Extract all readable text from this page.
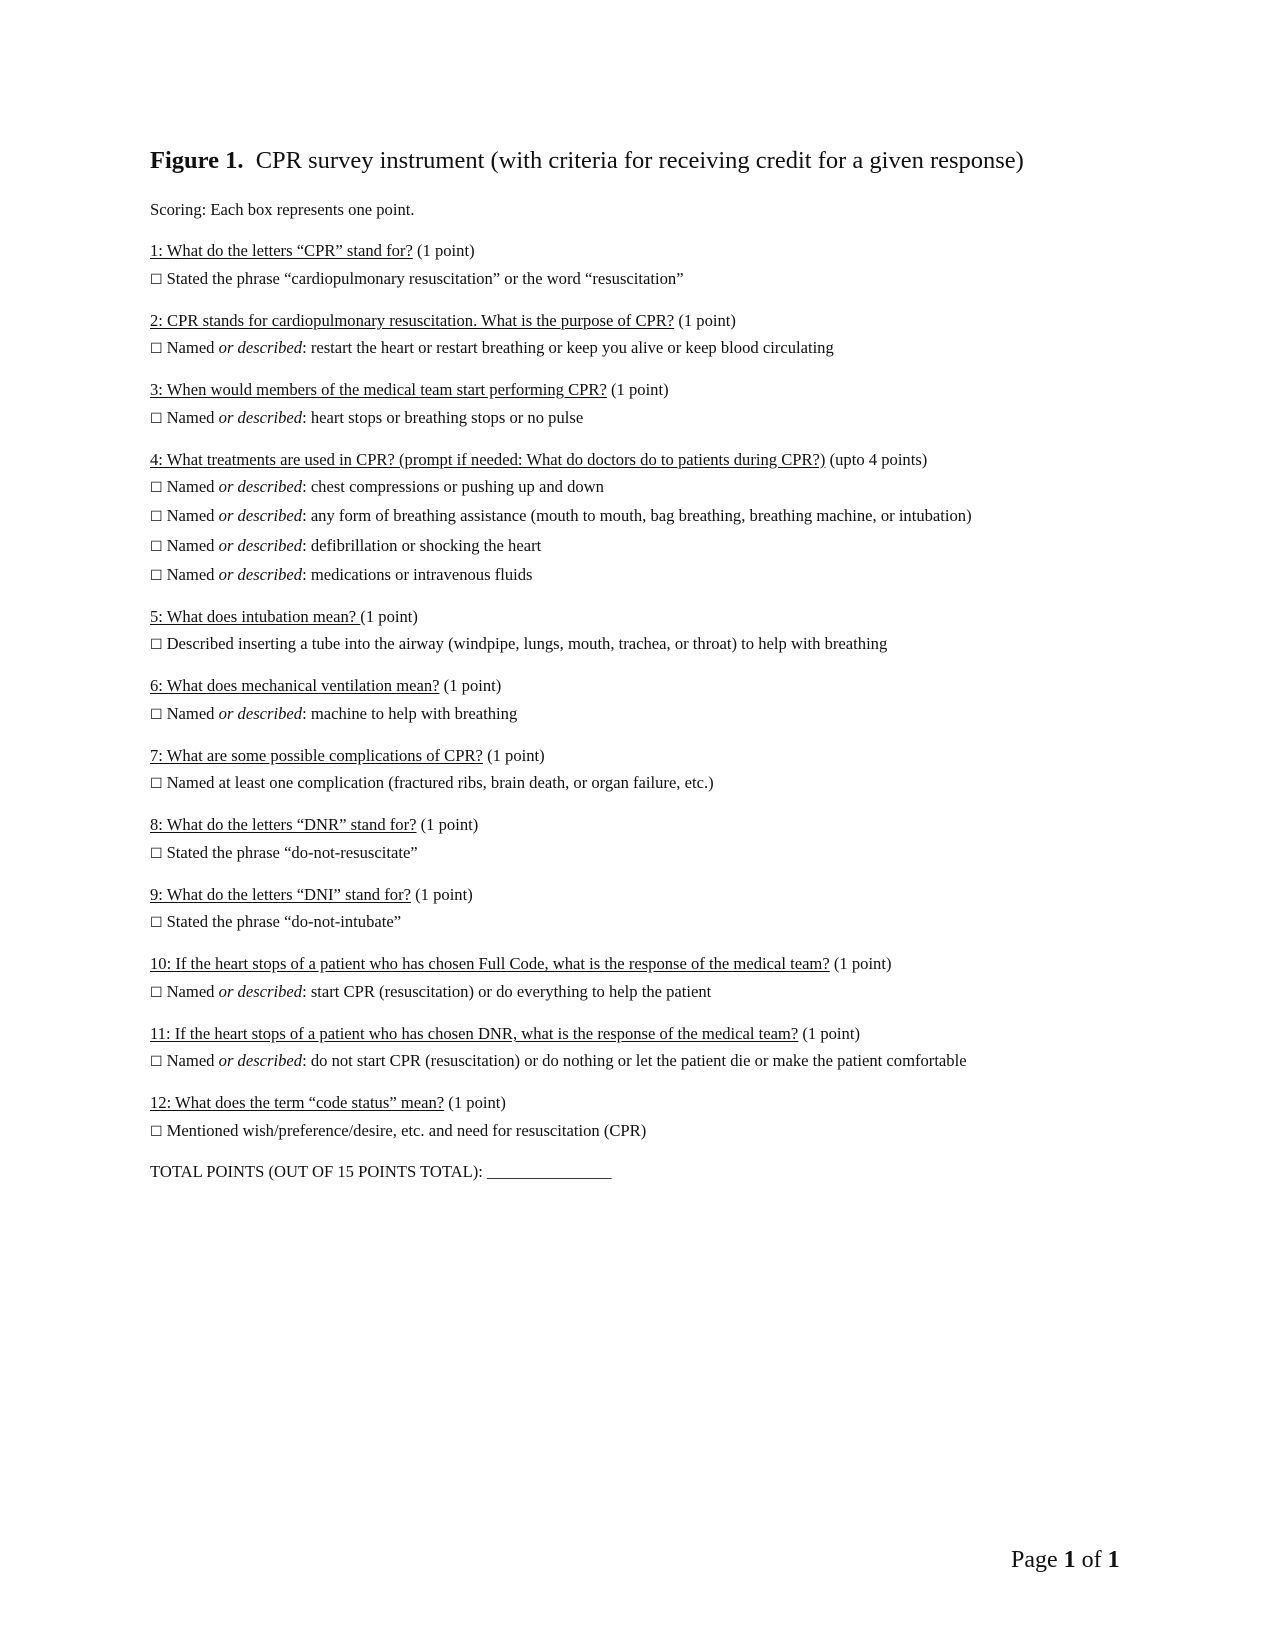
Figure 1. CPR survey instrument (with criteria for receiving credit for a given response)
Scoring: Each box represents one point.
1: What do the letters “CPR” stand for? (1 point)
☐ Stated the phrase “cardiopulmonary resuscitation” or the word “resuscitation”
2: CPR stands for cardiopulmonary resuscitation. What is the purpose of CPR? (1 point)
☐ Named or described: restart the heart or restart breathing or keep you alive or keep blood circulating
3: When would members of the medical team start performing CPR? (1 point)
☐ Named or described: heart stops or breathing stops or no pulse
4: What treatments are used in CPR? (prompt if needed: What do doctors do to patients during CPR?) (upto 4 points)
☐ Named or described: chest compressions or pushing up and down
☐ Named or described: any form of breathing assistance (mouth to mouth, bag breathing, breathing machine, or intubation)
☐ Named or described: defibrillation or shocking the heart
☐ Named or described: medications or intravenous fluids
5: What does intubation mean? (1 point)
☐ Described inserting a tube into the airway (windpipe, lungs, mouth, trachea, or throat) to help with breathing
6: What does mechanical ventilation mean? (1 point)
☐ Named or described: machine to help with breathing
7: What are some possible complications of CPR? (1 point)
☐ Named at least one complication (fractured ribs, brain death, or organ failure, etc.)
8: What do the letters “DNR” stand for? (1 point)
☐ Stated the phrase “do-not-resuscitate”
9: What do the letters “DNI” stand for? (1 point)
☐ Stated the phrase “do-not-intubate”
10: If the heart stops of a patient who has chosen Full Code, what is the response of the medical team? (1 point)
☐ Named or described: start CPR (resuscitation) or do everything to help the patient
11: If the heart stops of a patient who has chosen DNR, what is the response of the medical team? (1 point)
☐ Named or described: do not start CPR (resuscitation) or do nothing or let the patient die or make the patient comfortable
12: What does the term “code status” mean? (1 point)
☐ Mentioned wish/preference/desire, etc. and need for resuscitation (CPR)
TOTAL POINTS (OUT OF 15 POINTS TOTAL): _______________
Page 1 of 1
